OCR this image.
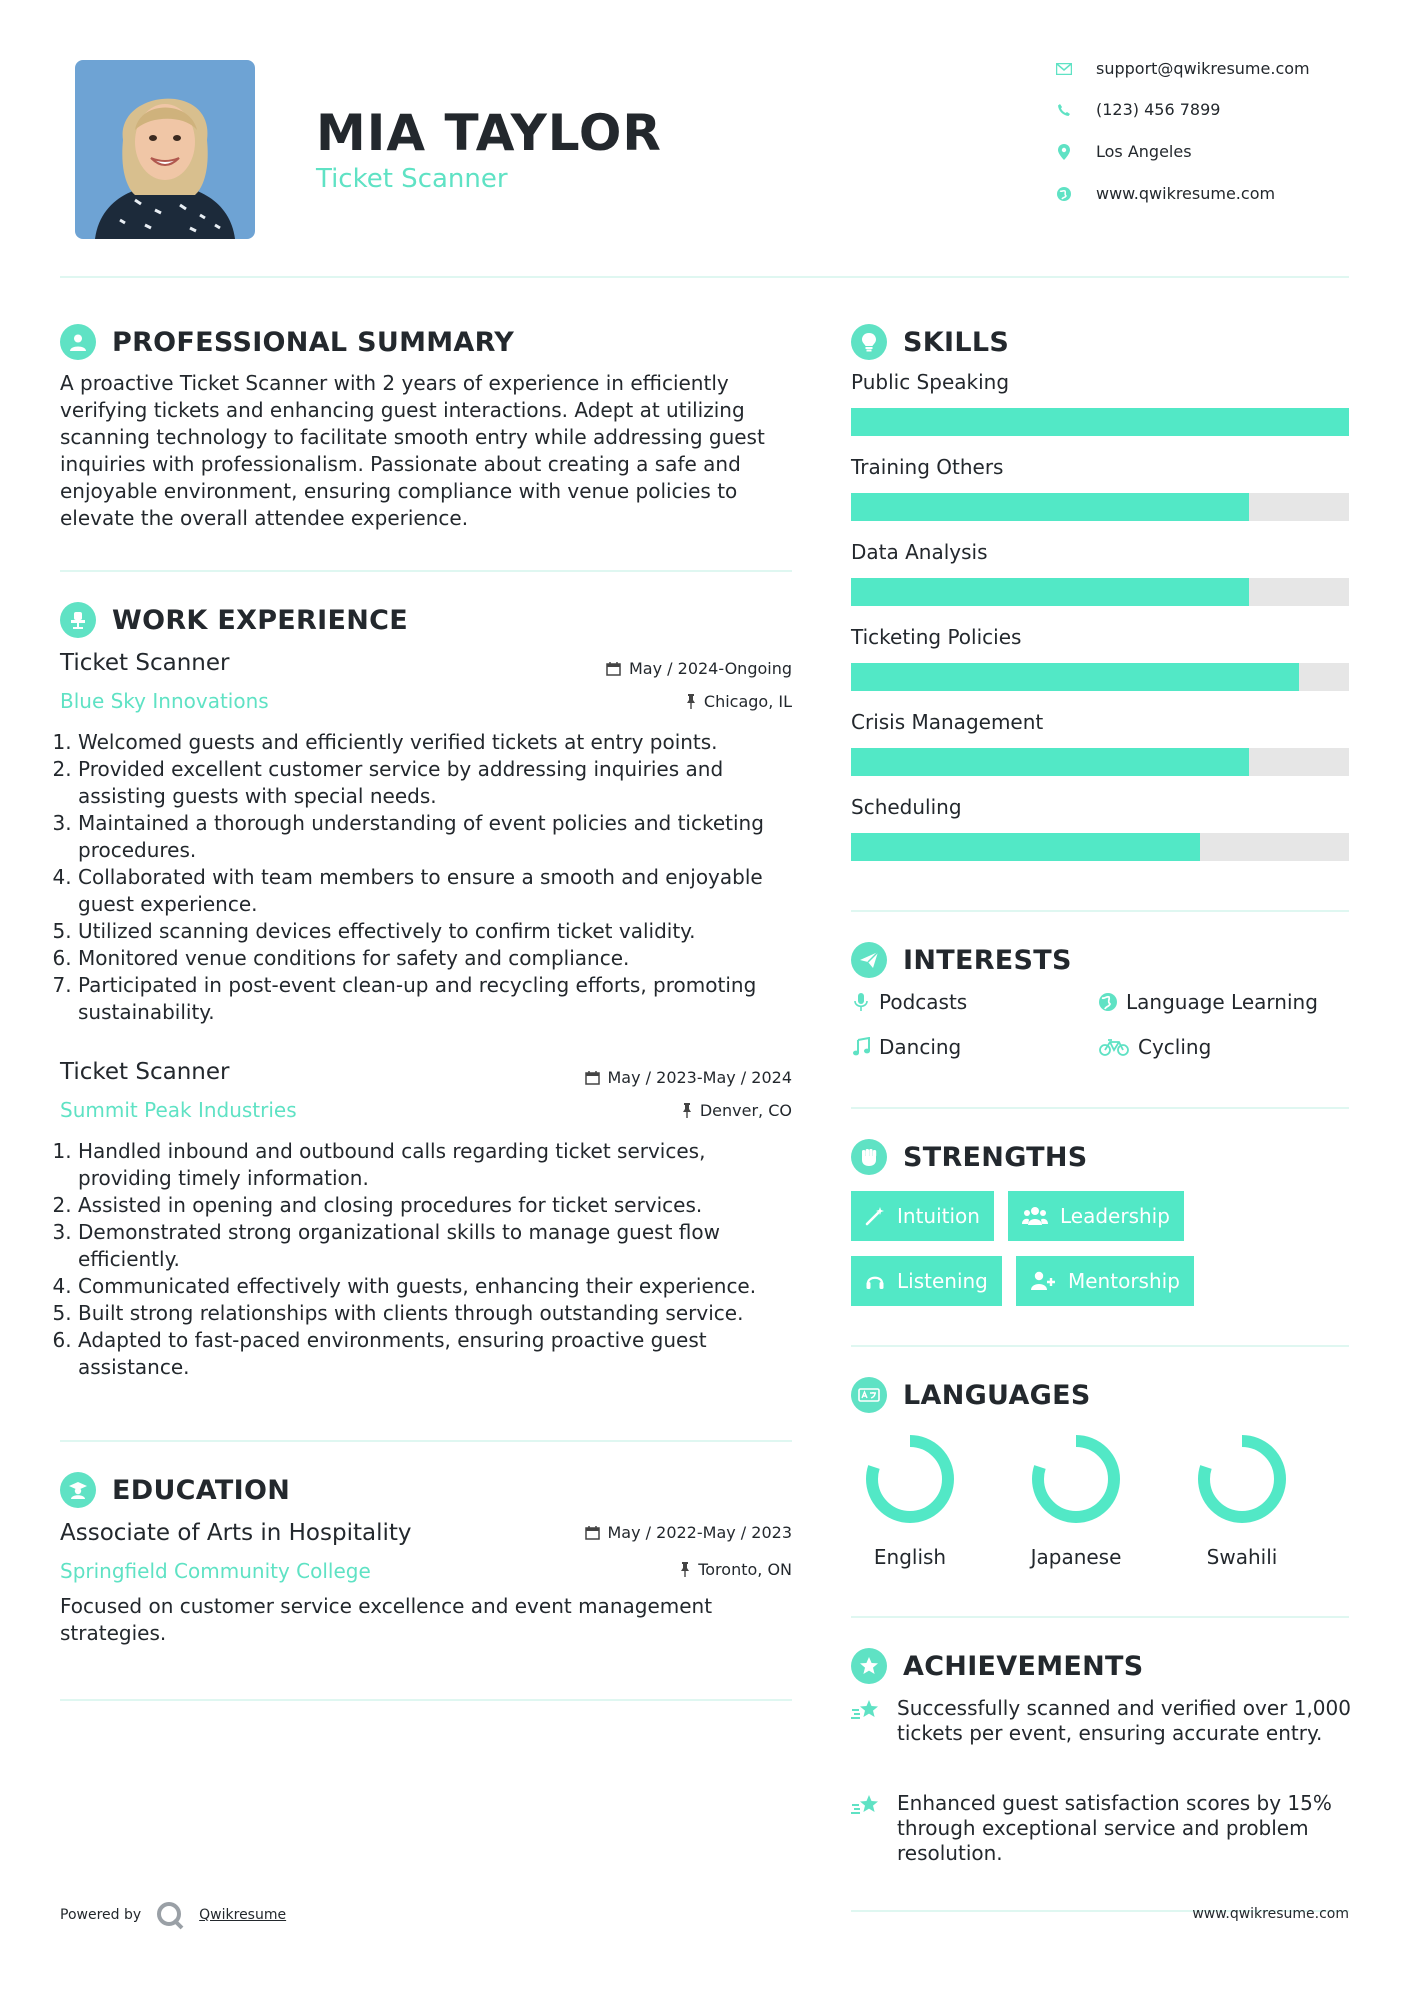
MIA TAYLOR
Ticket Scanner
support@qwikresume.com
(123) 456 7899
Los Angeles
www.qwikresume.com
PROFESSIONAL SUMMARY
A proactive Ticket Scanner with 2 years of experience in efficiently verifying tickets and enhancing guest interactions. Adept at utilizing scanning technology to facilitate smooth entry while addressing guest inquiries with professionalism. Passionate about creating a safe and enjoyable environment, ensuring compliance with venue policies to elevate the overall attendee experience.
WORK EXPERIENCE
Ticket Scanner
Blue Sky Innovations
May / 2024-Ongoing
Chicago, IL
1. Welcomed guests and efficiently verified tickets at entry points.
2. Provided excellent customer service by addressing inquiries and assisting guests with special needs.
3. Maintained a thorough understanding of event policies and ticketing procedures.
4. Collaborated with team members to ensure a smooth and enjoyable guest experience.
5. Utilized scanning devices effectively to confirm ticket validity.
6. Monitored venue conditions for safety and compliance.
7. Participated in post-event clean-up and recycling efforts, promoting sustainability.
Ticket Scanner
Summit Peak Industries
May / 2023-May / 2024
Denver, CO
1. Handled inbound and outbound calls regarding ticket services, providing timely information.
2. Assisted in opening and closing procedures for ticket services.
3. Demonstrated strong organizational skills to manage guest flow efficiently.
4. Communicated effectively with guests, enhancing their experience.
5. Built strong relationships with clients through outstanding service.
6. Adapted to fast-paced environments, ensuring proactive guest assistance.
EDUCATION
Associate of Arts in Hospitality
Springfield Community College
May / 2022-May / 2023
Toronto, ON
Focused on customer service excellence and event management strategies.
SKILLS
Public Speaking
Training Others
Data Analysis
Ticketing Policies
Crisis Management
Scheduling
INTERESTS
Podcasts	Language Learning
Dancing	Cycling
STRENGTHS
Intuition	Leadership
Listening	Mentorship
LANGUAGES
English	Japanese	Swahili
ACHIEVEMENTS
Successfully scanned and verified over 1,000 tickets per event, ensuring accurate entry.
Enhanced guest satisfaction scores by 15% through exceptional service and problem resolution.
Powered by	Qwikresume	www.qwikresume.com
